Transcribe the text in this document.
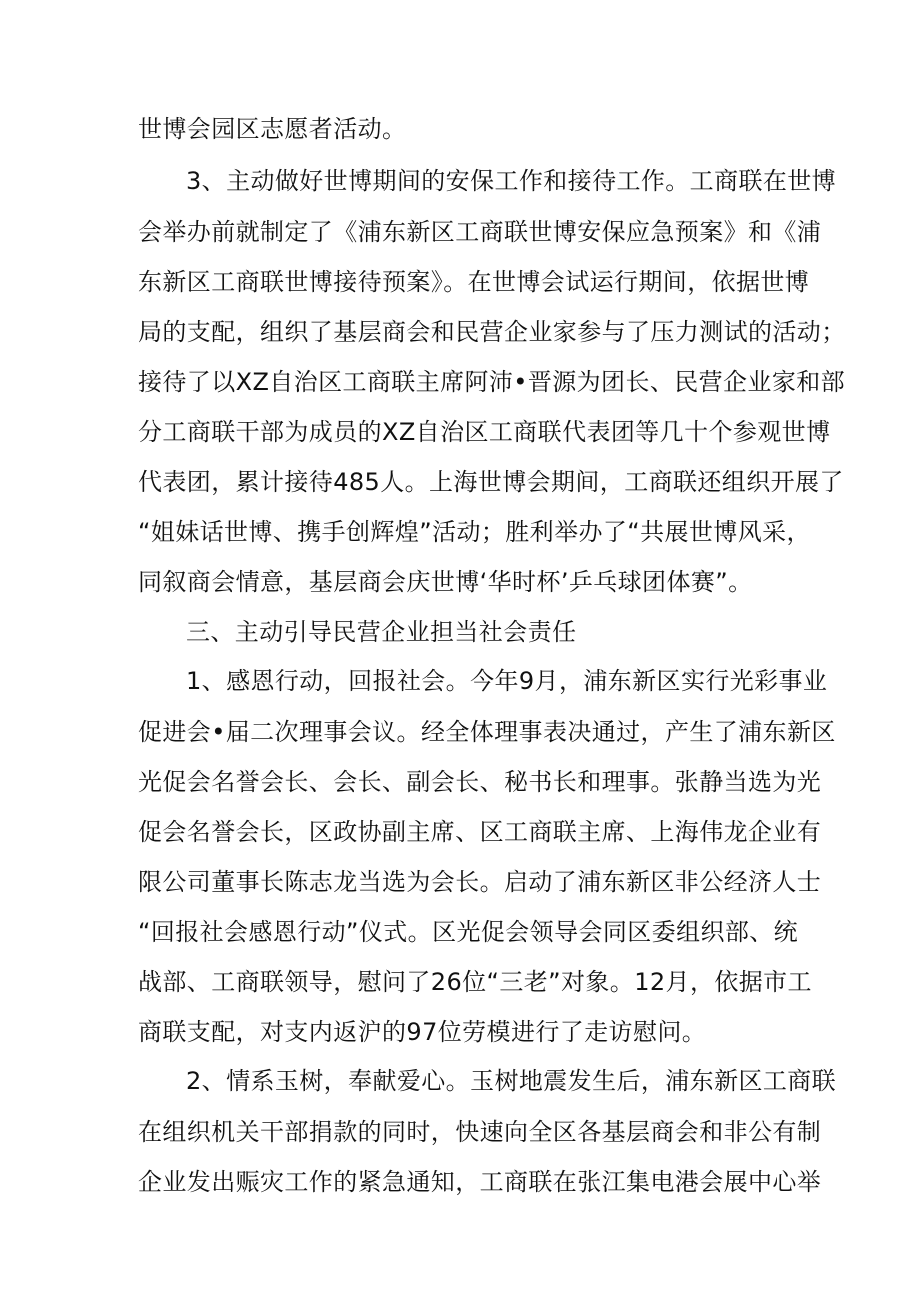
世博会园区志愿者活动。
3、主动做好世博期间的安保工作和接待工作。工商联在世博
会举办前就制定了《浦东新区工商联世博安保应急预案》和《浦
东新区工商联世博接待预案》。在世博会试运行期间，依据世博
局的支配，组织了基层商会和民营企业家参与了压力测试的活动；
接待了以XZ自治区工商联主席阿沛•晋源为团长、民营企业家和部
分工商联干部为成员的XZ自治区工商联代表团等几十个参观世博
代表团，累计接待485人。上海世博会期间，工商联还组织开展了
“姐妹话世博、携手创辉煌”活动；胜利举办了“共展世博风采，
同叙商会情意，基层商会庆世博‘华时杯’乒乓球团体赛”。
三、主动引导民营企业担当社会责任
1、感恩行动，回报社会。今年9月，浦东新区实行光彩事业
促进会•届二次理事会议。经全体理事表决通过，产生了浦东新区
光促会名誉会长、会长、副会长、秘书长和理事。张静当选为光
促会名誉会长，区政协副主席、区工商联主席、上海伟龙企业有
限公司董事长陈志龙当选为会长。启动了浦东新区非公经济人士
“回报社会感恩行动”仪式。区光促会领导会同区委组织部、统
战部、工商联领导，慰问了26位“三老”对象。12月，依据市工
商联支配，对支内返沪的97位劳模进行了走访慰问。
2、情系玉树，奉献爱心。玉树地震发生后，浦东新区工商联
在组织机关干部捐款的同时，快速向全区各基层商会和非公有制
企业发出赈灾工作的紧急通知，工商联在张江集电港会展中心举
